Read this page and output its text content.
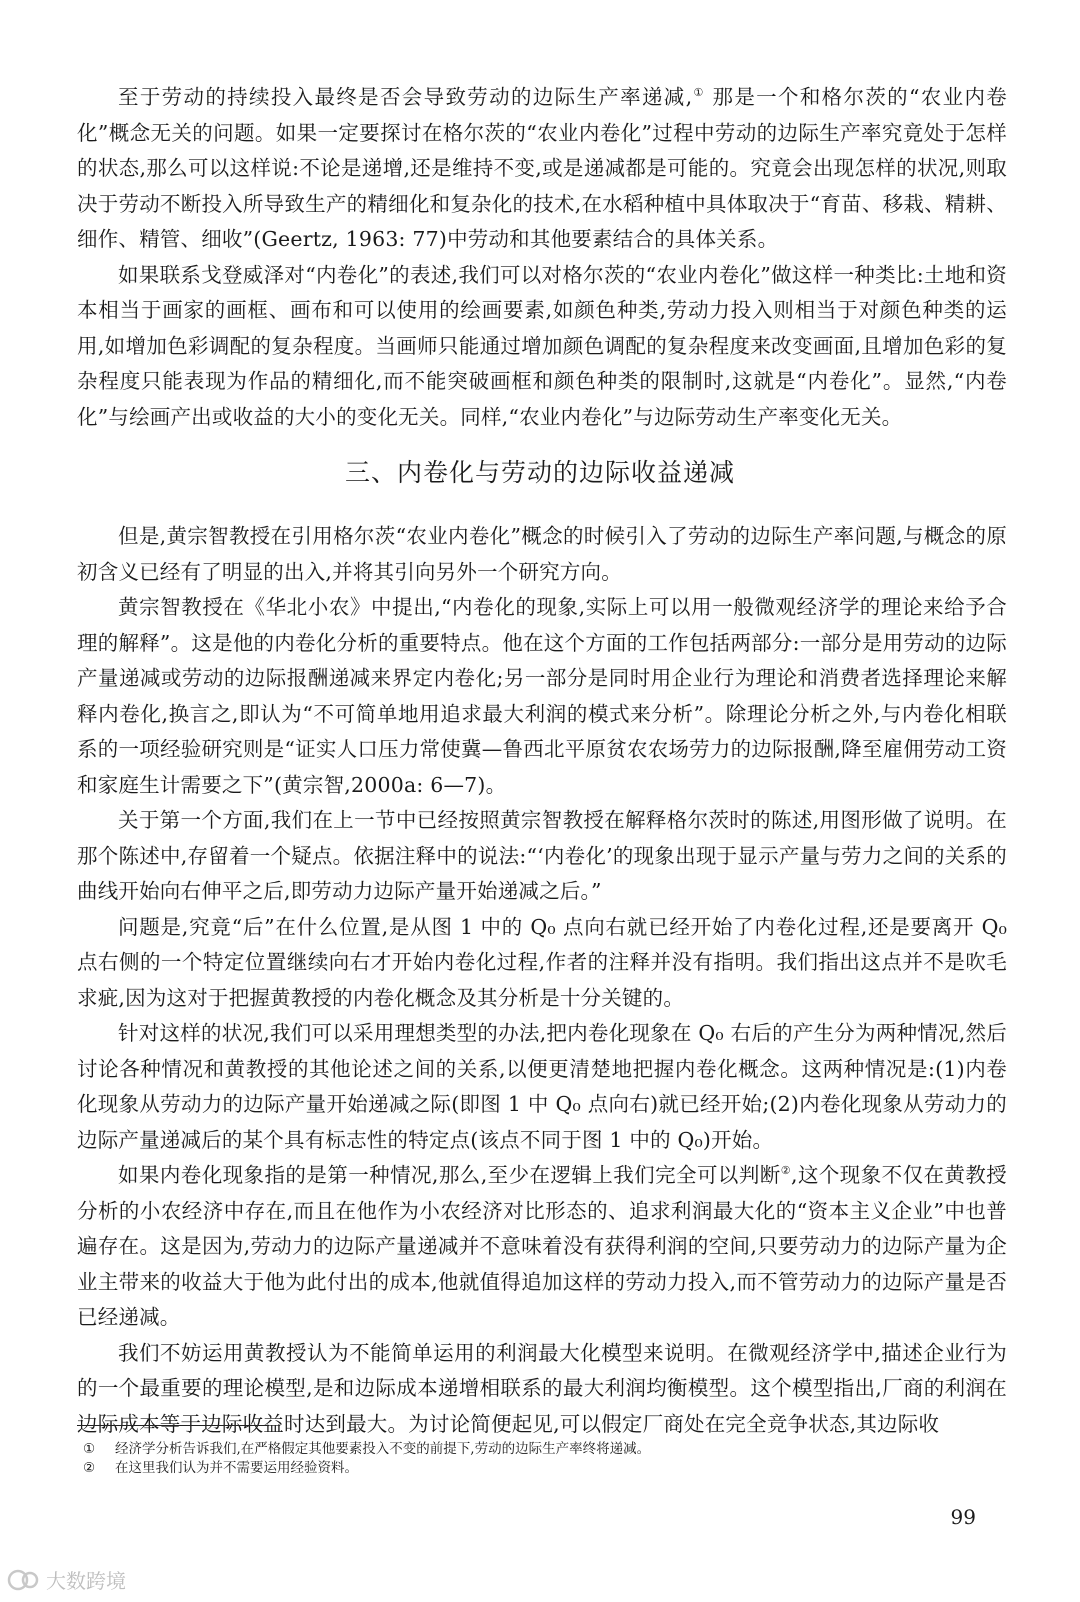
至于劳动的持续投入最终是否会导致劳动的边际生产率递减,① 那是一个和格尔茨的“农业内卷化”概念无关的问题。如果一定要探讨在格尔茨的“农业内卷化”过程中劳动的边际生产率究竟处于怎样的状态,那么可以这样说:不论是递增,还是维持不变,或是递减都是可能的。究竟会出现怎样的状况,则取决于劳动不断投入所导致生产的精细化和复杂化的技术,在水稻种植中具体取决于“育苗、移栽、精耕、细作、精管、细收”(Geertz, 1963: 77)中劳动和其他要素结合的具体关系。

如果联系戈登威泽对“内卷化”的表述,我们可以对格尔茨的“农业内卷化”做这样一种类比:土地和资本相当于画家的画框、画布和可以使用的绘画要素,如颜色种类,劳动力投入则相当于对颜色种类的运用,如增加色彩调配的复杂程度。当画师只能通过增加颜色调配的复杂程度来改变画面,且增加色彩的复杂程度只能表现为作品的精细化,而不能突破画框和颜色种类的限制时,这就是“内卷化”。显然,“内卷化”与绘画产出或收益的大小的变化无关。同样,“农业内卷化”与边际劳动生产率变化无关。

三、内卷化与劳动的边际收益递减

但是,黄宗智教授在引用格尔茨“农业内卷化”概念的时候引入了劳动的边际生产率问题,与概念的原初含义已经有了明显的出入,并将其引向另外一个研究方向。

黄宗智教授在《华北小农》中提出,“内卷化的现象,实际上可以用一般微观经济学的理论来给予合理的解释”。这是他的内卷化分析的重要特点。他在这个方面的工作包括两部分:一部分是用劳动的边际产量递减或劳动的边际报酬递减来界定内卷化;另一部分是同时用企业行为理论和消费者选择理论来解释内卷化,换言之,即认为“不可简单地用追求最大利润的模式来分析”。除理论分析之外,与内卷化相联系的一项经验研究则是“证实人口压力常使冀—鲁西北平原贫农农场劳力的边际报酬,降至雇佣劳动工资和家庭生计需要之下”(黄宗智,2000a: 6—7)。

关于第一个方面,我们在上一节中已经按照黄宗智教授在解释格尔茨时的陈述,用图形做了说明。在那个陈述中,存留着一个疑点。依据注释中的说法:“‘内卷化’的现象出现于显示产量与劳力之间的关系的曲线开始向右伸平之后,即劳动力边际产量开始递减之后。”

问题是,究竟“后”在什么位置,是从图 1 中的 Q₀ 点向右就已经开始了内卷化过程,还是要离开 Q₀ 点右侧的一个特定位置继续向右才开始内卷化过程,作者的注释并没有指明。我们指出这点并不是吹毛求疵,因为这对于把握黄教授的内卷化概念及其分析是十分关键的。

针对这样的状况,我们可以采用理想类型的办法,把内卷化现象在 Q₀ 右后的产生分为两种情况,然后讨论各种情况和黄教授的其他论述之间的关系,以便更清楚地把握内卷化概念。这两种情况是:(1)内卷化现象从劳动力的边际产量开始递减之际(即图 1 中 Q₀ 点向右)就已经开始;(2)内卷化现象从劳动力的边际产量递减后的某个具有标志性的特定点(该点不同于图 1 中的 Q₀)开始。

如果内卷化现象指的是第一种情况,那么,至少在逻辑上我们完全可以判断②,这个现象不仅在黄教授分析的小农经济中存在,而且在他作为小农经济对比形态的、追求利润最大化的“资本主义企业”中也普遍存在。这是因为,劳动力的边际产量递减并不意味着没有获得利润的空间,只要劳动力的边际产量为企业主带来的收益大于他为此付出的成本,他就值得追加这样的劳动力投入,而不管劳动力的边际产量是否已经递减。

我们不妨运用黄教授认为不能简单运用的利润最大化模型来说明。在微观经济学中,描述企业行为的一个最重要的理论模型,是和边际成本递增相联系的最大利润均衡模型。这个模型指出,厂商的利润在边际成本等于边际收益时达到最大。为讨论简便起见,可以假定厂商处在完全竞争状态,其边际收

①	经济学分析告诉我们,在严格假定其他要素投入不变的前提下,劳动的边际生产率终将递减。
②	在这里我们认为并不需要运用经验资料。
99
大数跨境
